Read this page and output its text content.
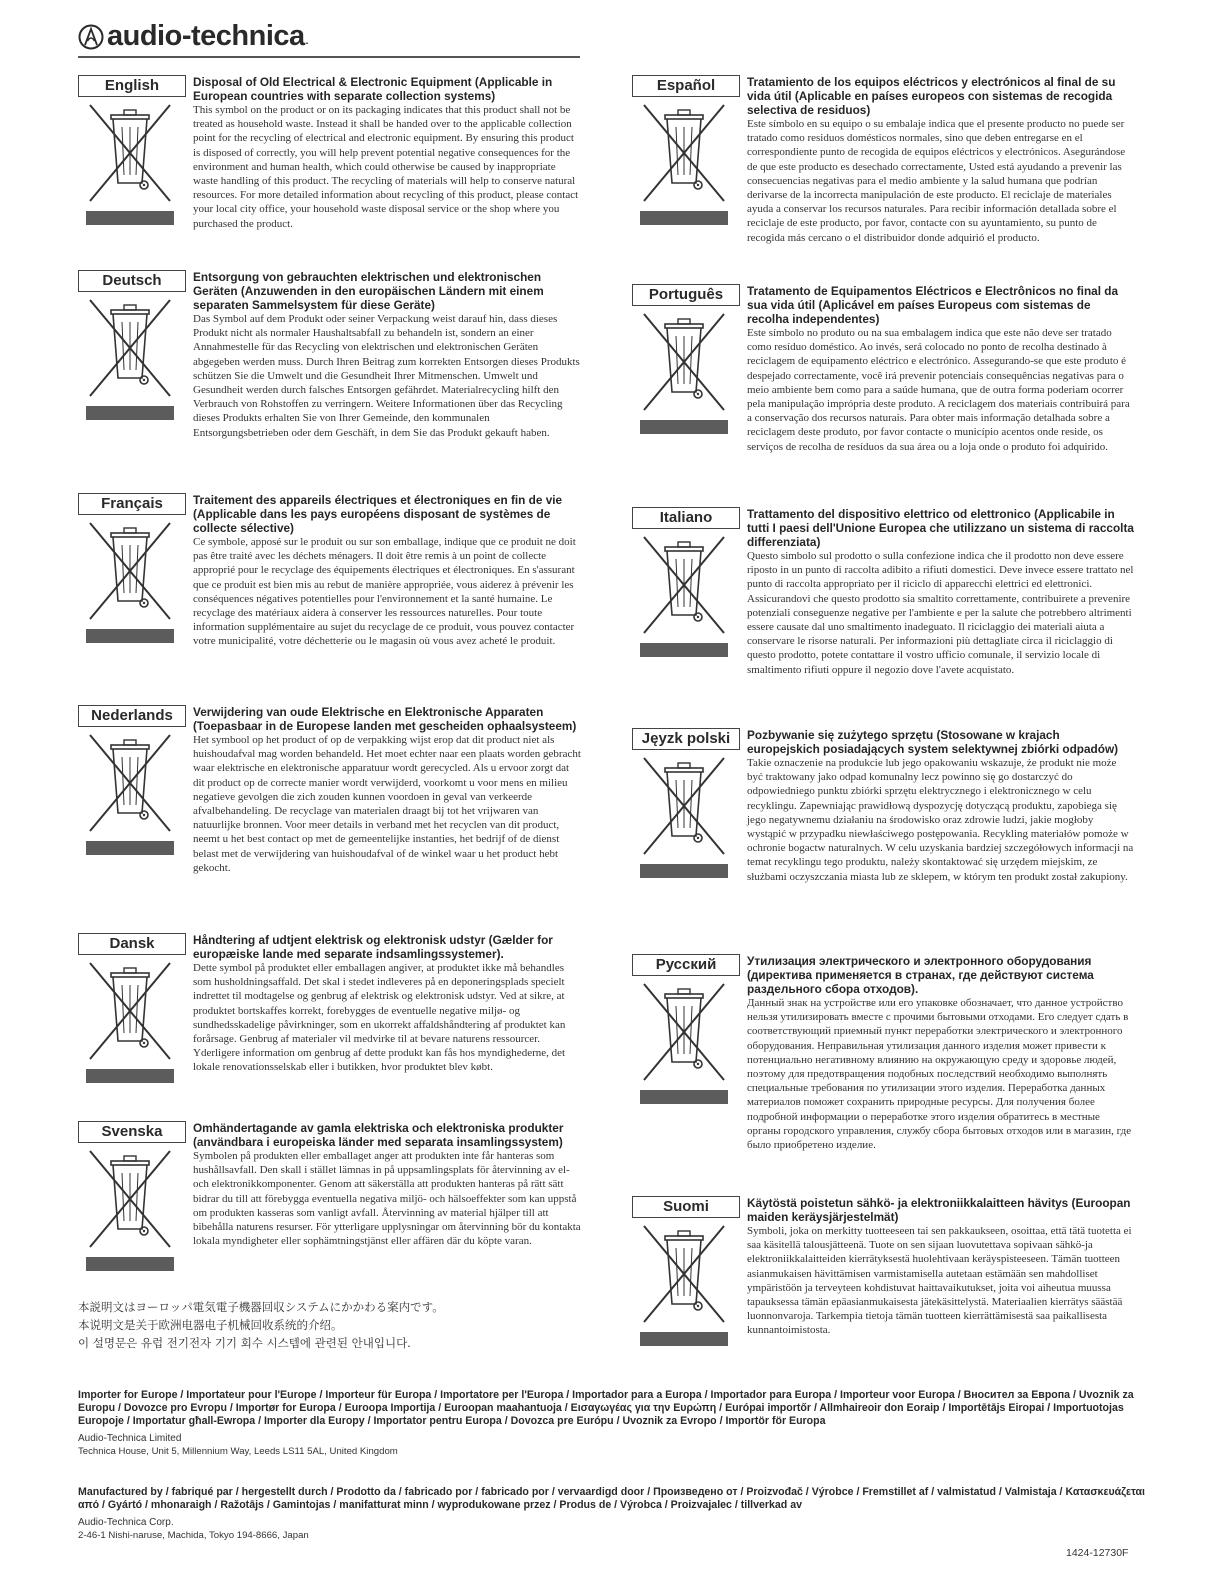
audio-technica .
English	Disposal of Old Electrical & Electronic Equipment (Applicable in European countries with separate collection systems)
This symbol on the product or on its packaging indicates that this product shall not be treated as household waste. Instead it shall be handed over to the applicable collection point for the recycling of electrical and electronic equipment. By ensuring this product is disposed of correctly, you will help prevent potential negative consequences for the environment and human health, which could otherwise be caused by inappropriate waste handling of this product. The recycling of materials will help to conserve natural resources. For more detailed information about recycling of this product, please contact your local city office, your household waste disposal service or the shop where you purchased the product.
Deutsch	Entsorgung von gebrauchten elektrischen und elektronischen Geräten (Anzuwenden in den europäischen Ländern mit einem separaten Sammelsystem für diese Geräte)
Das Symbol auf dem Produkt oder seiner Verpackung weist darauf hin, dass dieses Produkt nicht als normaler Haushaltsabfall zu behandeln ist, sondern an einer Annahmestelle für das Recycling von elektrischen und elektronischen Geräten abgegeben werden muss. Durch Ihren Beitrag zum korrekten Entsorgen dieses Produkts schützen Sie die Umwelt und die Gesundheit Ihrer Mitmenschen. Umwelt und Gesundheit werden durch falsches Entsorgen gefährdet. Materialrecycling hilft den Verbrauch von Rohstoffen zu verringern. Weitere Informationen über das Recycling dieses Produkts erhalten Sie von Ihrer Gemeinde, den kommunalen Entsorgungsbetrieben oder dem Geschäft, in dem Sie das Produkt gekauft haben.
Français	Traitement des appareils électriques et électroniques en fin de vie (Applicable dans les pays européens disposant de systèmes de collecte sélective)
Ce symbole, apposé sur le produit ou sur son emballage, indique que ce produit ne doit pas être traité avec les déchets ménagers. Il doit être remis à un point de collecte approprié pour le recyclage des équipements électriques et électroniques. En s'assurant que ce produit est bien mis au rebut de manière appropriée, vous aiderez à prévenir les conséquences négatives potentielles pour l'environnement et la santé humaine. Le recyclage des matériaux aidera à conserver les ressources naturelles. Pour toute information supplémentaire au sujet du recyclage de ce produit, vous pouvez contacter votre municipalité, votre déchetterie ou le magasin où vous avez acheté le produit.
Nederlands	Verwijdering van oude Elektrische en Elektronische Apparaten (Toepasbaar in de Europese landen met gescheiden ophaalsysteem)
Het symbool op het product of op de verpakking wijst erop dat dit product niet als huishoudafval mag worden behandeld. Het moet echter naar een plaats worden gebracht waar elektrische en elektronische apparatuur wordt gerecycled. Als u ervoor zorgt dat dit product op de correcte manier wordt verwijderd, voorkomt u voor mens en milieu negatieve gevolgen die zich zouden kunnen voordoen in geval van verkeerde afvalbehandeling. De recyclage van materialen draagt bij tot het vrijwaren van natuurlijke bronnen. Voor meer details in verband met het recyclen van dit product, neemt u het best contact op met de gemeentelijke instanties, het bedrijf of de dienst belast met de verwijdering van huishoudafval of de winkel waar u het product hebt gekocht.
Dansk	Håndtering af udtjent elektrisk og elektronisk udstyr (Gælder for europæiske lande med separate indsamlingssystemer).
Dette symbol på produktet eller emballagen angiver, at produktet ikke må behandles som husholdningsaffald. Det skal i stedet indleveres på en deponeringsplads specielt indrettet til modtagelse og genbrug af elektrisk og elektronisk udstyr. Ved at sikre, at produktet bortskaffes korrekt, forebygges de eventuelle negative miljø- og sundhedsskadelige påvirkninger, som en ukorrekt affaldshåndtering af produktet kan forårsage. Genbrug af materialer vil medvirke til at bevare naturens ressourcer. Yderligere information om genbrug af dette produkt kan fås hos myndighederne, det lokale renovationsselskab eller i butikken, hvor produktet blev købt.
Svenska	Omhändertagande av gamla elektriska och elektroniska produkter (användbara i europeiska länder med separata insamlingssystem)
Symbolen på produkten eller emballaget anger att produkten inte får hanteras som hushållsavfall. Den skall i stället lämnas in på uppsamlingsplats för återvinning av el- och elektronikkomponenter. Genom att säkerställa att produkten hanteras på rätt sätt bidrar du till att förebygga eventuella negativa miljö- och hälsoeffekter som kan uppstå om produkten kasseras som vanligt avfall. Återvinning av material hjälper till att bibehålla naturens resurser. För ytterligare upplysningar om återvinning bör du kontakta lokala myndigheter eller sophämtningstjänst eller affären där du köpte varan.
Español	Tratamiento de los equipos eléctricos y electrónicos al final de su vida útil (Aplicable en países europeos con sistemas de recogida selectiva de residuos)
Este símbolo en su equipo o su embalaje indica que el presente producto no puede ser tratado como residuos domésticos normales, sino que deben entregarse en el correspondiente punto de recogida de equipos eléctricos y electrónicos. Asegurándose de que este producto es desechado correctamente, Usted está ayudando a prevenir las consecuencias negativas para el medio ambiente y la salud humana que podrían derivarse de la incorrecta manipulación de este producto. El reciclaje de materiales ayuda a conservar los recursos naturales. Para recibir información detallada sobre el reciclaje de este producto, por favor, contacte con su ayuntamiento, su punto de recogida más cercano o el distribuidor donde adquirió el producto.
Português	Tratamento de Equipamentos Eléctricos e Electrônicos no final da sua vida útil (Aplicável em países Europeus com sistemas de recolha independentes)
Este símbolo no produto ou na sua embalagem indica que este não deve ser tratado como resíduo doméstico. Ao invés, será colocado no ponto de recolha destinado à reciclagem de equipamento eléctrico e electrónico. Assegurando-se que este produto é despejado correctamente, você irá prevenir potenciais consequências negativas para o meio ambiente bem como para a saúde humana, que de outra forma poderiam ocorrer pela manipulação imprópria deste produto. A reciclagem dos materiais contribuirá para a conservação dos recursos naturais. Para obter mais informação detalhada sobre a reciclagem deste produto, por favor contacte o município acentos onde reside, os serviços de recolha de resíduos da sua área ou a loja onde o produto foi adquirido.
Italiano	Trattamento del dispositivo elettrico od elettronico (Applicabile in tutti I paesi dell'Unione Europea che utilizzano un sistema di raccolta differenziata)
Questo simbolo sul prodotto o sulla confezione indica che il prodotto non deve essere riposto in un punto di raccolta adibito a rifiuti domestici. Deve invece essere trattato nel punto di raccolta appropriato per il riciclo di apparecchi elettrici ed elettronici. Assicurandovi che questo prodotto sia smaltito correttamente, contribuirete a prevenire potenziali conseguenze negative per l'ambiente e per la salute che potrebbero altrimenti essere causate dal uno smaltimento inadeguato. Il riciclaggio dei materiali aiuta a conservare le risorse naturali. Per informazioni più dettagliate circa il riciclaggio di questo prodotto, potete contattare il vostro ufficio comunale, il servizio locale di smaltimento rifiuti oppure il negozio dove l'avete acquistato.
Jęyzk polski	Pozbywanie się zużytego sprzętu (Stosowane w krajach europejskich posiadających system selektywnej zbiórki odpadów)
Takie oznaczenie na produkcie lub jego opakowaniu wskazuje, że produkt nie może być traktowany jako odpad komunalny lecz powinno się go dostarczyć do odpowiedniego punktu zbiórki sprzętu elektrycznego i elektronicznego w celu recyklingu. Zapewniając prawidłową dyspozycję dotyczącą produktu, zapobiega się jego negatywnemu działaniu na środowisko oraz zdrowie ludzi, jakie mogłoby wystąpić w przypadku niewłaściwego postępowania. Recykling materiałów pomoże w ochronie bogactw naturalnych. W celu uzyskania bardziej szczegółowych informacji na temat recyklingu tego produktu, należy skontaktować się urzędem miejskim, ze służbami oczyszczania miasta lub ze sklepem, w którym ten produkt został zakupiony.
Русский	Утилизация электрического и электронного оборудования (директива применяется в странах, где действуют система раздельного сбора отходов).
Данный знак на устройстве или его упаковке обозначает, что данное устройство нельзя утилизировать вместе с прочими бытовыми отходами. Его следует сдать в соответствующий приемный пункт переработки электрического и электронного оборудования. Неправильная утилизация данного изделия может привести к потенциально негативному влиянию на окружающую среду и здоровье людей, поэтому для предотвращения подобных последствий необходимо выполнять специальные требования по утилизации этого изделия. Переработка данных материалов поможет сохранить природные ресурсы. Для получения более подробной информации о переработке этого изделия обратитесь в местные органы городского управления, службу сбора бытовых отходов или в магазин, где было приобретено изделие.
Suomi	Käytöstä poistetun sähkö- ja elektroniikkalaitteen hävitys (Euroopan maiden keräysjärjestelmät)
Symboli, joka on merkitty tuotteeseen tai sen pakkaukseen, osoittaa, että tätä tuotetta ei saa käsitellä talousjätteenä. Tuote on sen sijaan luovutettava sopivaan sähkö-ja elektroniikkalaitteiden kierrätyksestä huolehtivaan keräyspisteeseen. Tämän tuotteen asianmukaisen hävittämisen varmistamisella autetaan estämään sen mahdolliset ympäristöön ja terveyteen kohdistuvat haittavaikutukset, joita voi aiheutua muussa tapauksessa tämän epäasianmukaisesta jätekäsittelystä. Materiaalien kierrätys säästää luonnonvaroja. Tarkempia tietoja tämän tuotteen kierrättämisestä saa paikallisesta kunnantoimistosta.
本説明文はヨーロッパ電気電子機器回収システムにかかわる案内です。
本说明文是关于欧洲电器电子机械回收系统的介绍。
이 설명문은 유럽 전기전자 기기 회수 시스템에 관련된 안내입니다.
Importer for Europe / Importateur pour l'Europe / Importeur für Europa / Importatore per l'Europa / Importador para a Europa / Importador para Europa / Importeur voor Europa / Внoситeл за Европа / Uvoznik za Europu / Dovozce pro Evropu / Importør for Europa / Euroopa Importija / Euroopan maahantuoja / Εισαγωγέας για την Ευρώπη / Európai importőr / Allmhaireoir don Eoraip / Importētājs Eiropai / Importuotojas Europoje / Importatur għall-Ewropa / Importer dla Europy / Importator pentru Europa / Dovozca pre Európu / Uvoznik za Evropo / Importör för Europa
Audio-Technica Limited
Technica House, Unit 5, Millennium Way, Leeds LS11 5AL, United Kingdom
Manufactured by / fabriqué par / hergestellt durch / Prodotto da / fabricado por / fabricado por / vervaardigd door / Произведено от / Proizvođač / Výrobce / Fremstillet af / valmistatud / Valmistaja / Κατασκευάζεται από / Gyártó / mhonaraigh / Ražotājs / Gamintojas / manifatturat minn / wyprodukowane przez / Produs de / Výrobca / Proizvajalec / tillverkad av
Audio-Technica Corp.
2-46-1 Nishi-naruse, Machida, Tokyo 194-8666, Japan
1424-12730F
